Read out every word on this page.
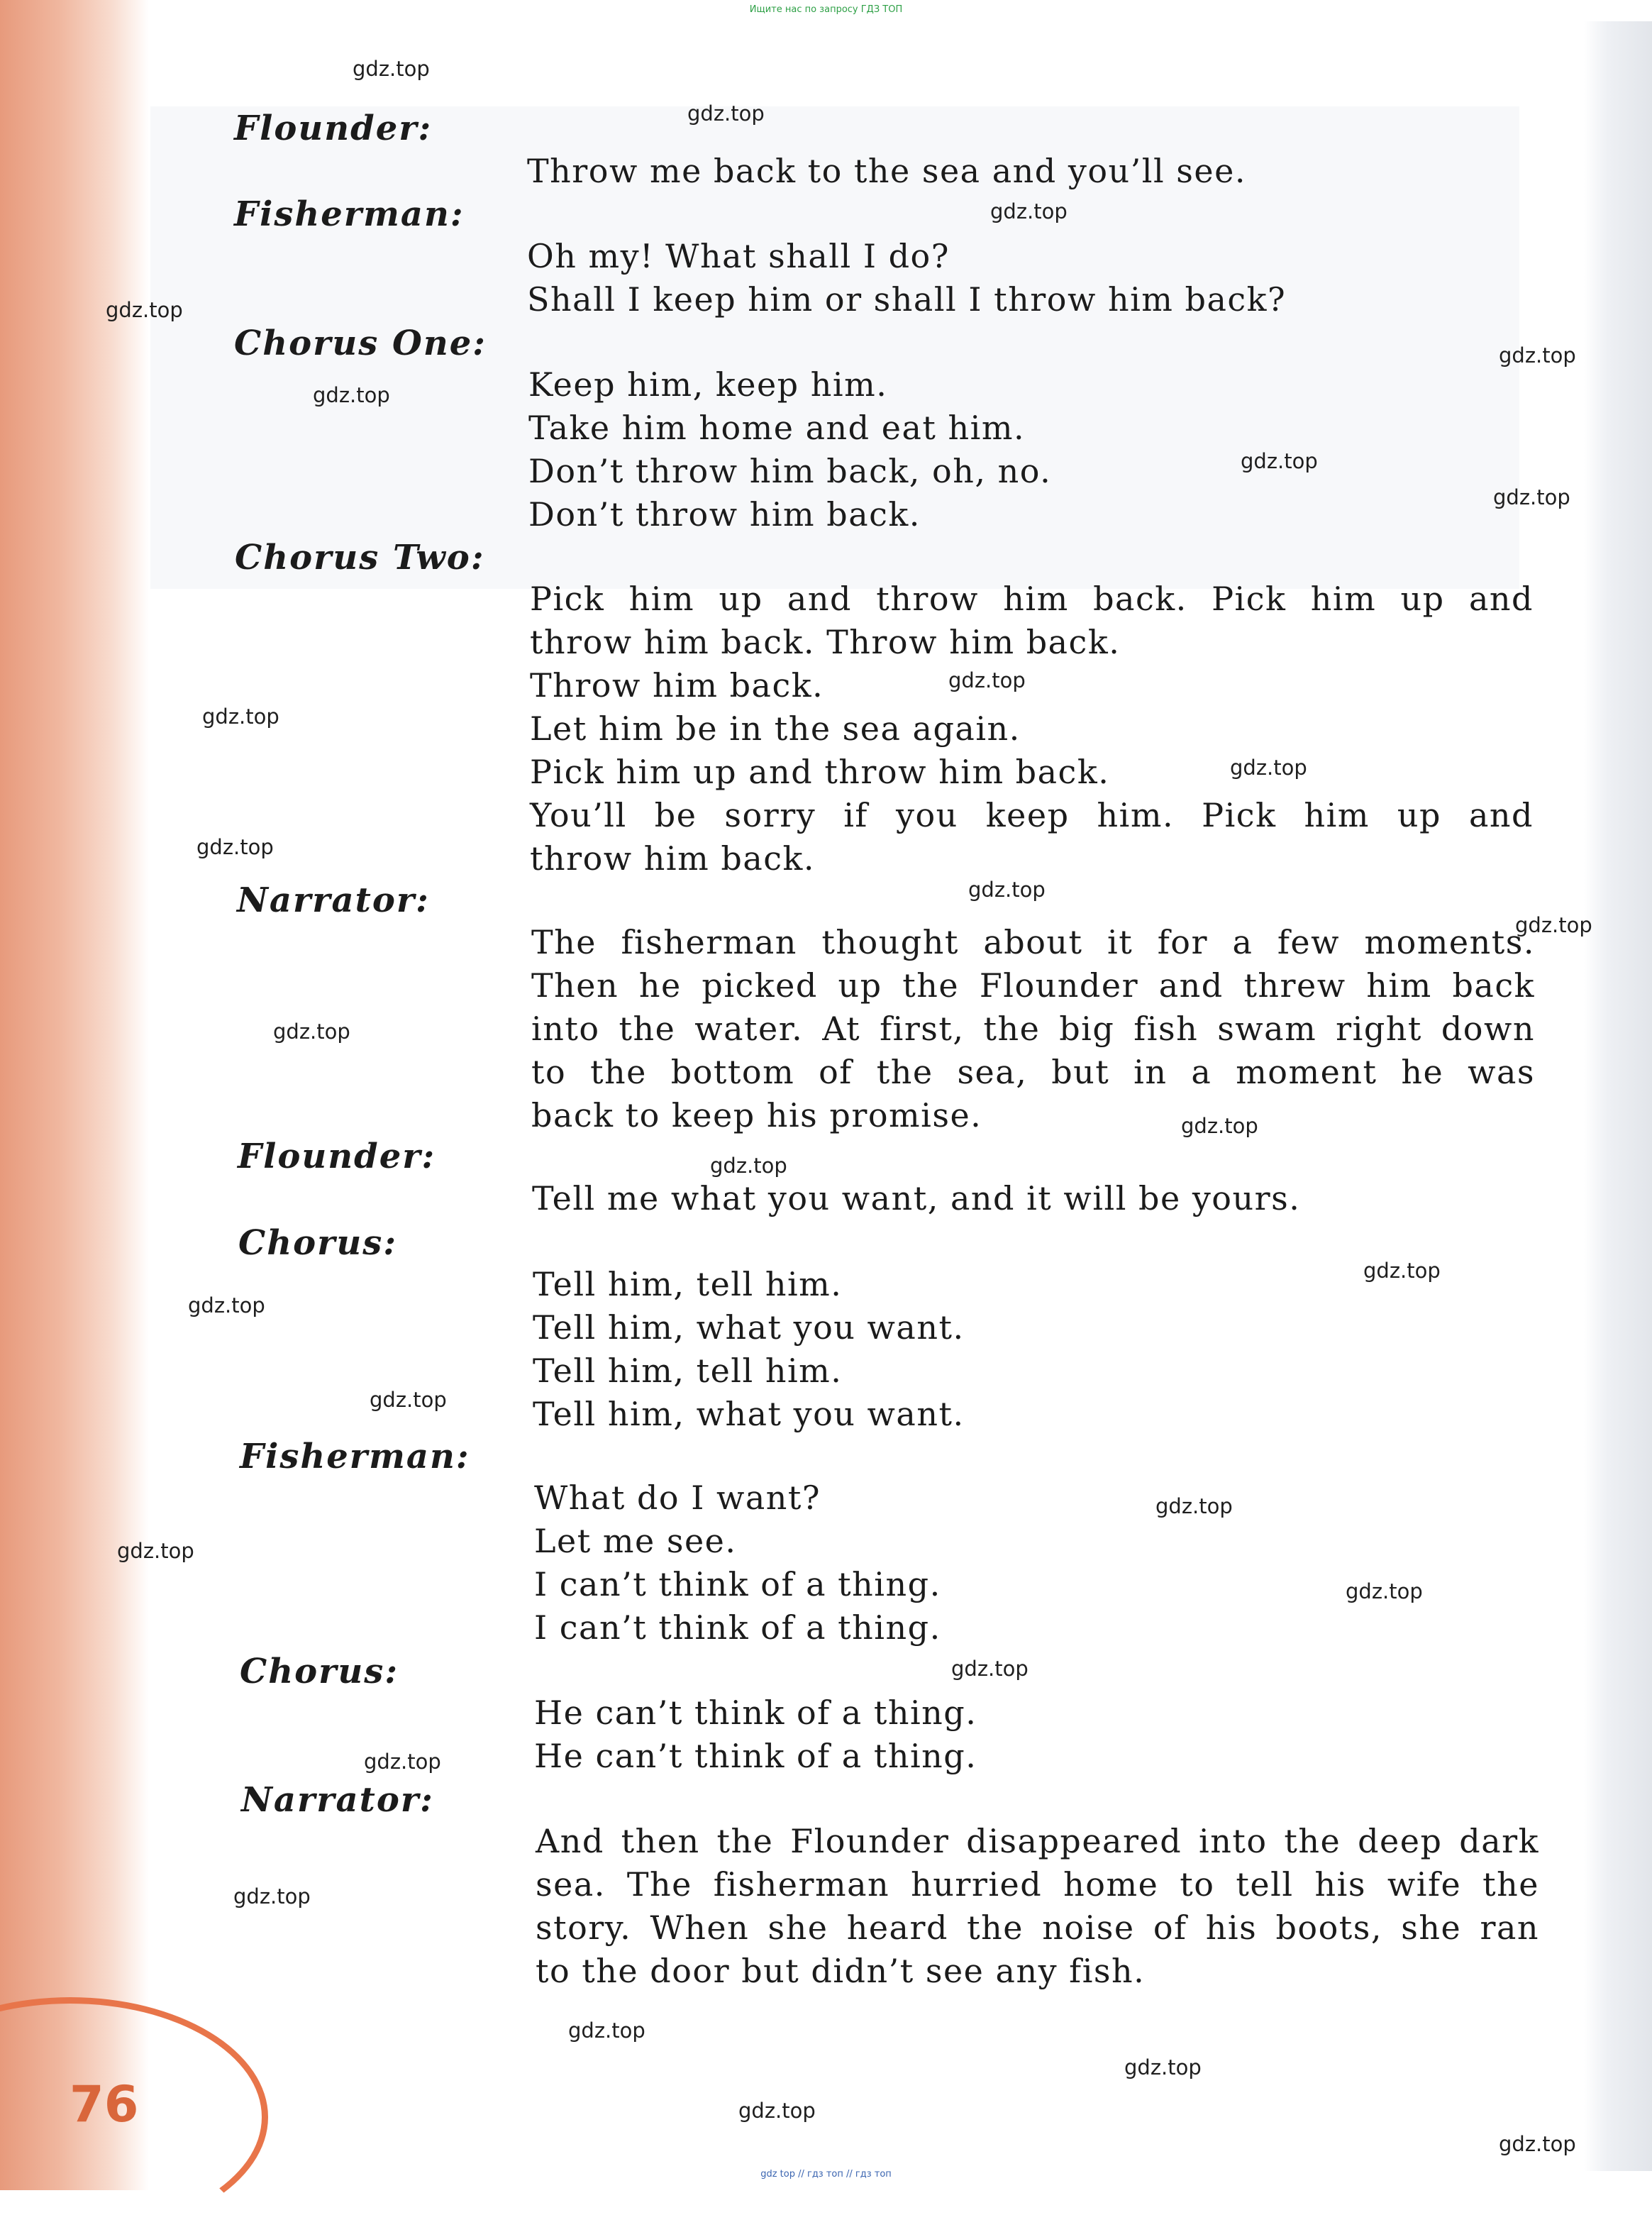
Ищите нас по запросу ГДЗ ТОП
Flounder:
Throw me back to the sea and you’ll see.
Fisherman:
Oh my! What shall I do?
Shall I keep him or shall I throw him back?
Chorus One:
Keep him, keep him.
Take him home and eat him.
Don’t throw him back, oh, no.
Don’t throw him back.
Chorus Two:
Pick him up and throw him back. Pick him up and
throw him back. Throw him back.
Throw him back.
Let him be in the sea again.
Pick him up and throw him back.
You’ll be sorry if you keep him. Pick him up and
throw him back.
Narrator:
The fisherman thought about it for a few moments.
Then he picked up the Flounder and threw him back
into the water. At first, the big fish swam right down
to the bottom of the sea, but in a moment he was
back to keep his promise.
Flounder:
Tell me what you want, and it will be yours.
Chorus:
Tell him, tell him.
Tell him, what you want.
Tell him, tell him.
Tell him, what you want.
Fisherman:
What do I want?
Let me see.
I can’t think of a thing.
I can’t think of a thing.
Chorus:
He can’t think of a thing.
He can’t think of a thing.
Narrator:
And then the Flounder disappeared into the deep dark
sea. The fisherman hurried home to tell his wife the
story. When she heard the noise of his boots, she ran
to the door but didn’t see any fish.
gdz.top
gdz.top
gdz.top
gdz.top
gdz.top
gdz.top
gdz.top
gdz.top
gdz.top
gdz.top
gdz.top
gdz.top
gdz.top
gdz.top
gdz.top
gdz.top
gdz.top
gdz.top
gdz.top
gdz.top
gdz.top
gdz.top
gdz.top
gdz.top
gdz.top
gdz.top
gdz.top
gdz.top
gdz.top
gdz.top
76
gdz top // гдз топ // гдз топ
